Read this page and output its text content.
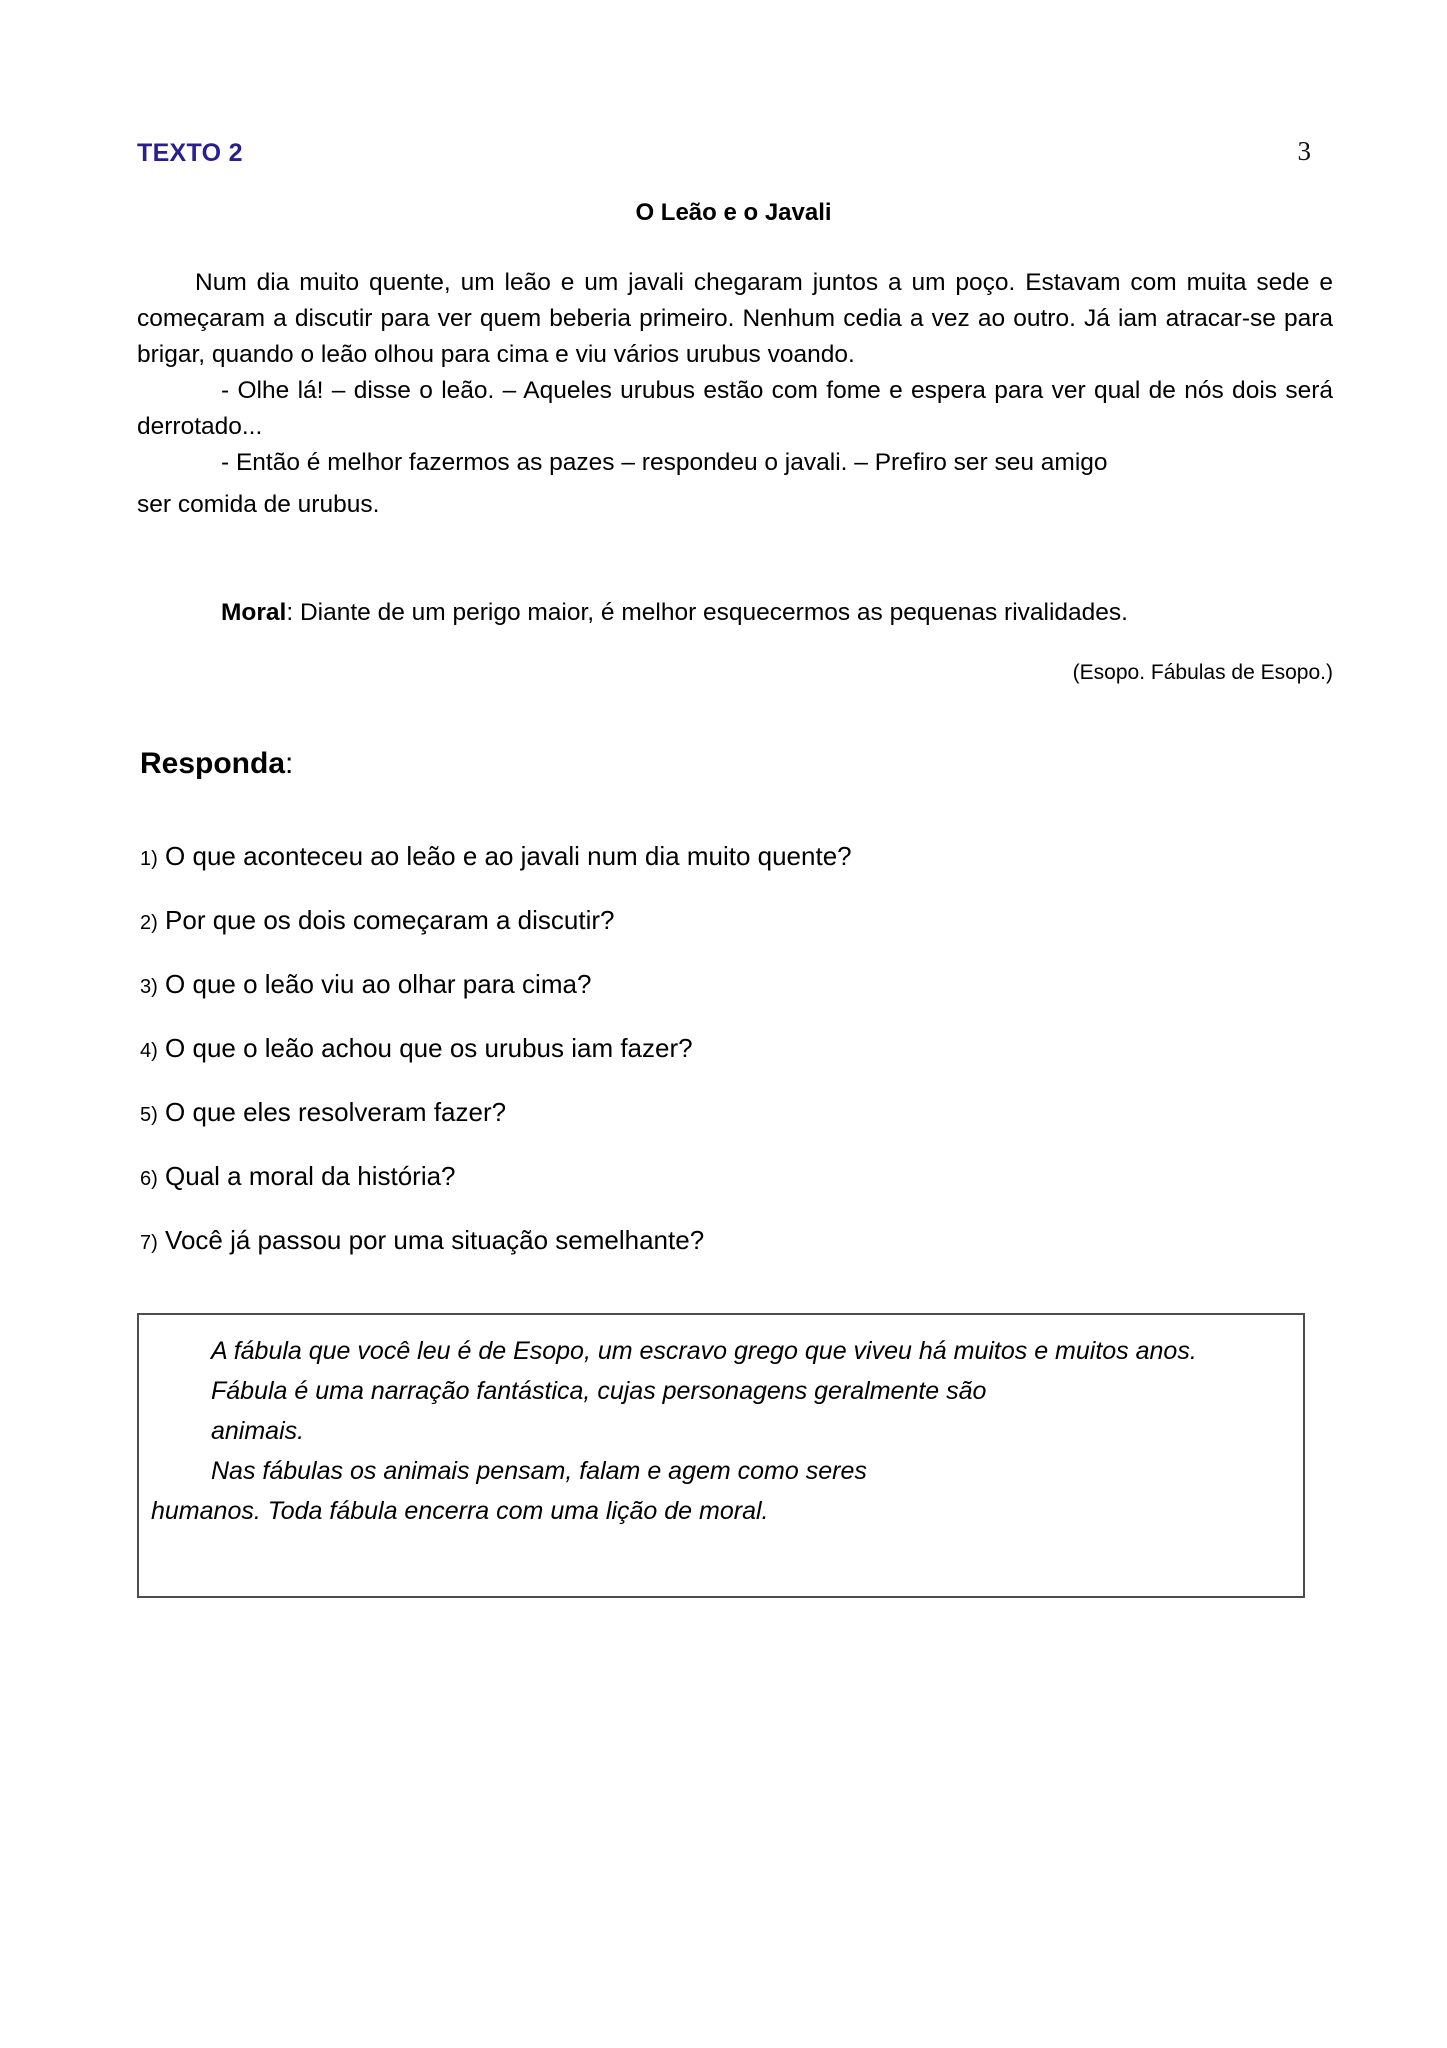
TEXTO 2	3
O Leão e o Javali

Num dia muito quente, um leão e um javali chegaram juntos a um poço. Estavam com muita sede e começaram a discutir para ver quem beberia primeiro. Nenhum cedia a vez ao outro. Já iam atracar-se para brigar, quando o leão olhou para cima e viu vários urubus voando.

- Olhe lá! – disse o leão. – Aqueles urubus estão com fome e espera para ver qual de nós dois será derrotado...

- Então é melhor fazermos as pazes – respondeu o javali. – Prefiro ser seu amigo

ser comida de urubus.

Moral: Diante de um perigo maior, é melhor esquecermos as pequenas rivalidades.
(Esopo. Fábulas de Esopo.)
Responda:
1) O que aconteceu ao leão e ao javali num dia muito quente?
2) Por que os dois começaram a discutir?
3) O que o leão viu ao olhar para cima?
4) O que o leão achou que os urubus iam fazer?
5) O que eles resolveram fazer?
6) Qual a moral da história?
7) Você já passou por uma situação semelhante?

A fábula que você leu é de Esopo, um escravo grego que viveu há muitos e muitos anos.

Fábula é uma narração fantástica, cujas personagens geralmente são

animais.

Nas fábulas os animais pensam, falam e agem como seres

humanos. Toda fábula encerra com uma lição de moral.
